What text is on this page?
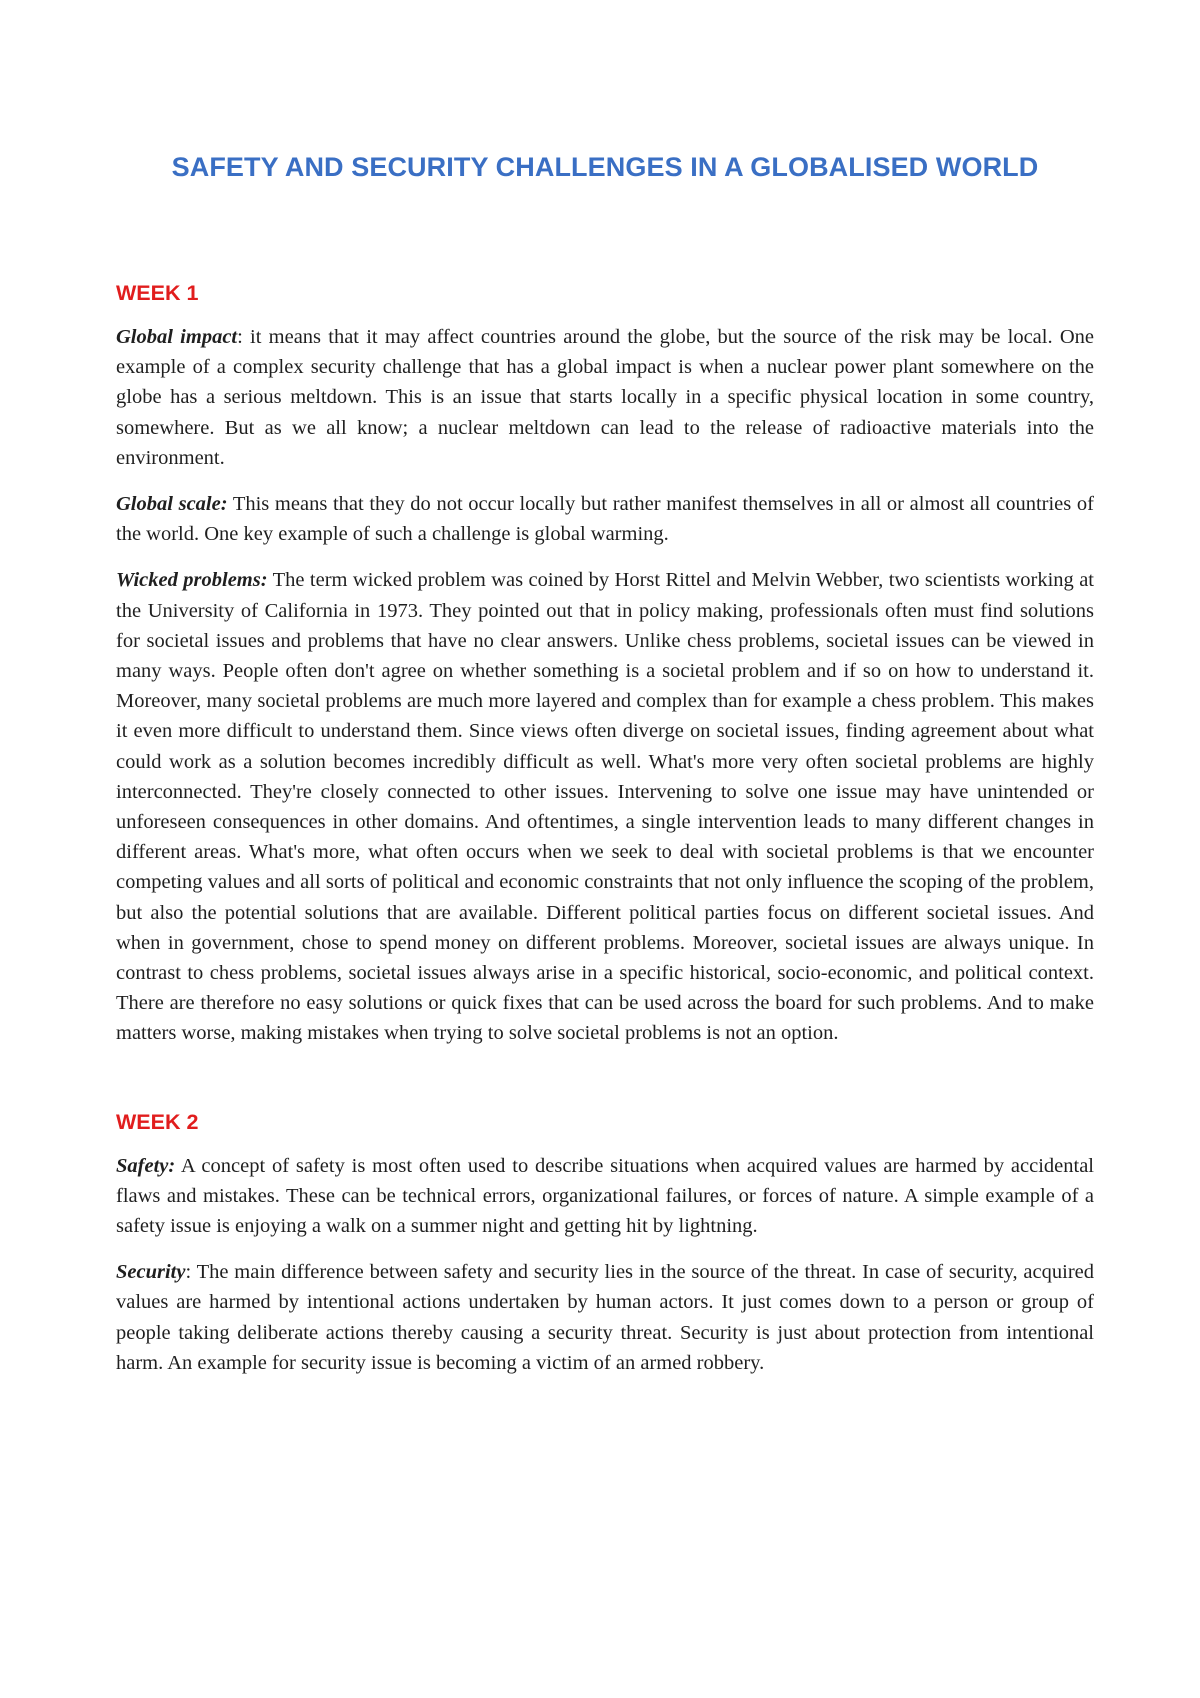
SAFETY AND SECURITY CHALLENGES IN A GLOBALISED WORLD
WEEK 1

Global impact: it means that it may affect countries around the globe, but the source of the risk may be local. One example of a complex security challenge that has a global impact is when a nuclear power plant somewhere on the globe has a serious meltdown. This is an issue that starts locally in a specific physical location in some country, somewhere. But as we all know; a nuclear meltdown can lead to the release of radioactive materials into the environment.

Global scale: This means that they do not occur locally but rather manifest themselves in all or almost all countries of the world. One key example of such a challenge is global warming.

Wicked problems: The term wicked problem was coined by Horst Rittel and Melvin Webber, two scientists working at the University of California in 1973. They pointed out that in policy making, professionals often must find solutions for societal issues and problems that have no clear answers. Unlike chess problems, societal issues can be viewed in many ways. People often don't agree on whether something is a societal problem and if so on how to understand it. Moreover, many societal problems are much more layered and complex than for example a chess problem. This makes it even more difficult to understand them. Since views often diverge on societal issues, finding agreement about what could work as a solution becomes incredibly difficult as well. What's more very often societal problems are highly interconnected. They're closely connected to other issues. Intervening to solve one issue may have unintended or unforeseen consequences in other domains. And oftentimes, a single intervention leads to many different changes in different areas. What's more, what often occurs when we seek to deal with societal problems is that we encounter competing values and all sorts of political and economic constraints that not only influence the scoping of the problem, but also the potential solutions that are available. Different political parties focus on different societal issues. And when in government, chose to spend money on different problems. Moreover, societal issues are always unique. In contrast to chess problems, societal issues always arise in a specific historical, socio-economic, and political context. There are therefore no easy solutions or quick fixes that can be used across the board for such problems. And to make matters worse, making mistakes when trying to solve societal problems is not an option.

WEEK 2

Safety: A concept of safety is most often used to describe situations when acquired values are harmed by accidental flaws and mistakes. These can be technical errors, organizational failures, or forces of nature. A simple example of a safety issue is enjoying a walk on a summer night and getting hit by lightning.

Security: The main difference between safety and security lies in the source of the threat. In case of security, acquired values are harmed by intentional actions undertaken by human actors. It just comes down to a person or group of people taking deliberate actions thereby causing a security threat. Security is just about protection from intentional harm. An example for security issue is becoming a victim of an armed robbery.
